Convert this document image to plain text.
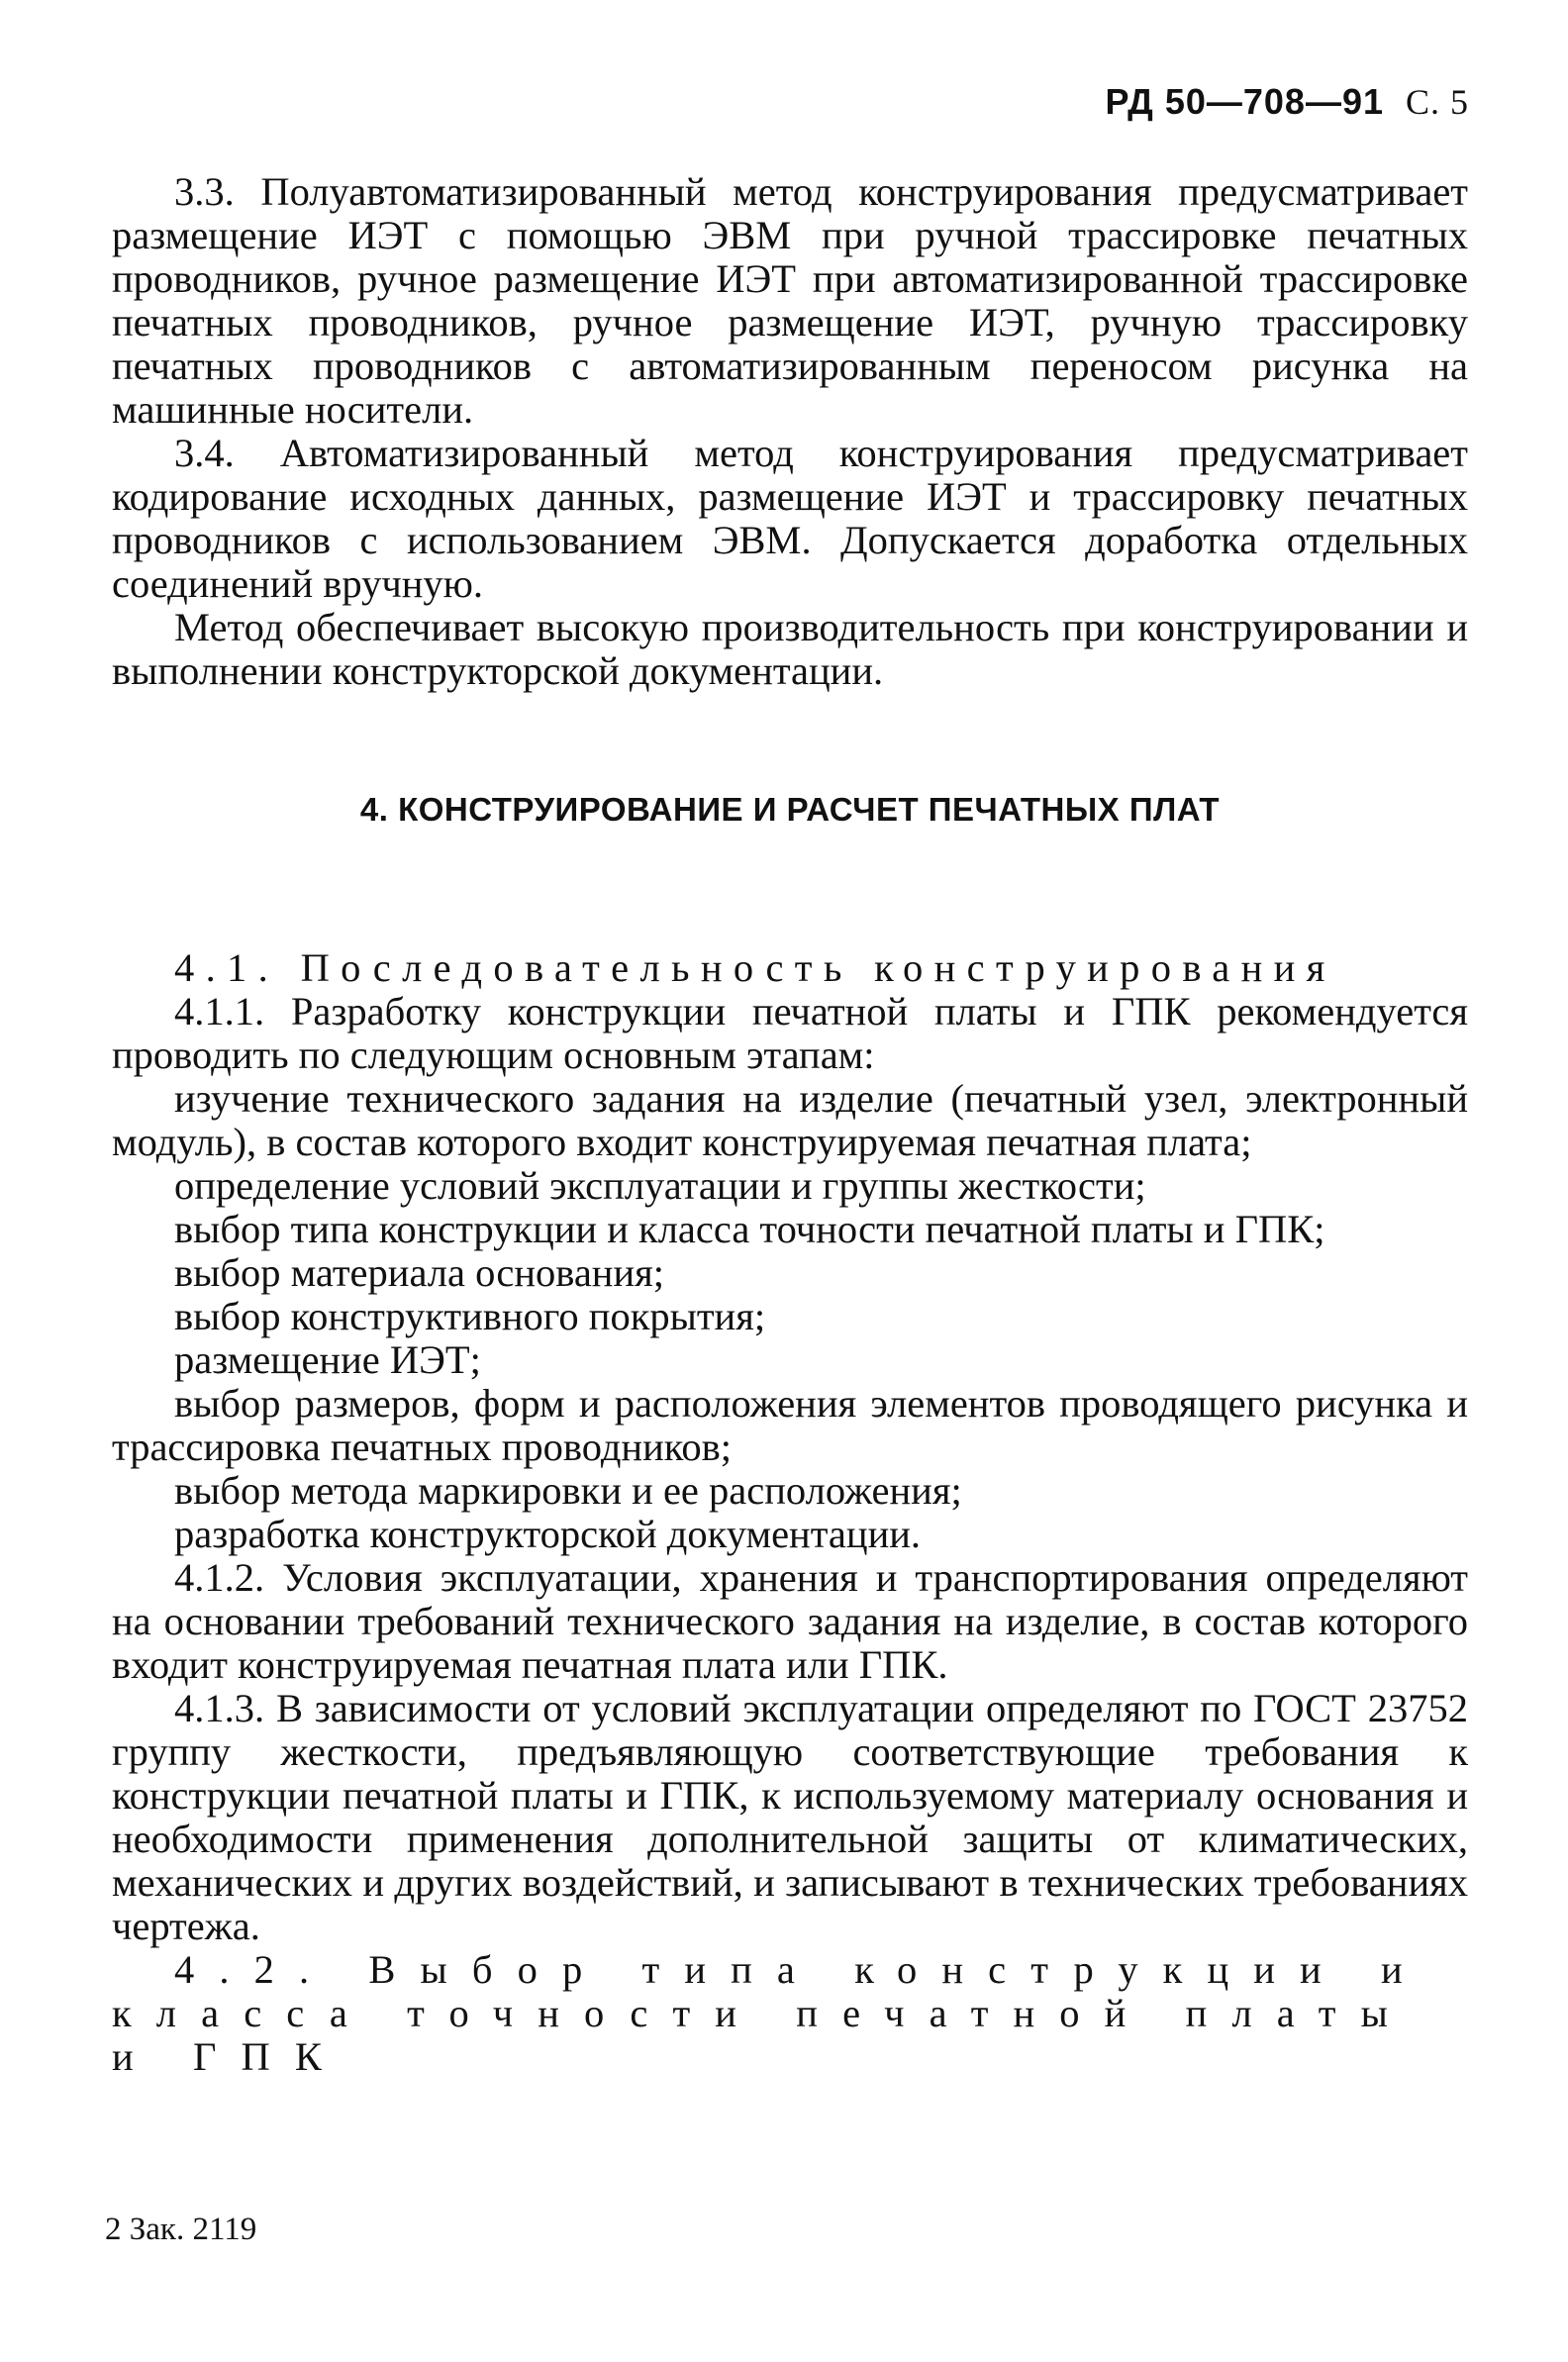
РД 50—708—91 С. 5

3.3. Полуавтоматизированный метод конструирования предусматривает размещение ИЭТ с помощью ЭВМ при ручной трассировке печатных проводников, ручное размещение ИЭТ при автоматизированной трассировке печатных проводников, ручное размещение ИЭТ, ручную трассировку печатных проводников с автоматизированным переносом рисунка на машинные носители.

3.4. Автоматизированный метод конструирования предусматривает кодирование исходных данных, размещение ИЭТ и трассировку печатных проводников с использованием ЭВМ. Допускается доработка отдельных соединений вручную.

Метод обеспечивает высокую производительность при конструировании и выполнении конструкторской документации.

4. КОНСТРУИРОВАНИЕ И РАСЧЕТ ПЕЧАТНЫХ ПЛАТ

4.1. Последовательность конструирования

4.1.1. Разработку конструкции печатной платы и ГПК рекомендуется проводить по следующим основным этапам:

изучение технического задания на изделие (печатный узел, электронный модуль), в состав которого входит конструируемая печатная плата;

определение условий эксплуатации и группы жесткости;

выбор типа конструкции и класса точности печатной платы и ГПК;

выбор материала основания;

выбор конструктивного покрытия;

размещение ИЭТ;

выбор размеров, форм и расположения элементов проводящего рисунка и трассировка печатных проводников;

выбор метода маркировки и ее расположения;

разработка конструкторской документации.

4.1.2. Условия эксплуатации, хранения и транспортирования определяют на основании требований технического задания на изделие, в состав которого входит конструируемая печатная плата или ГПК.

4.1.3. В зависимости от условий эксплуатации определяют по ГОСТ 23752 группу жесткости, предъявляющую соответствующие требования к конструкции печатной платы и ГПК, к используемому материалу основания и необходимости применения дополнительной защиты от климатических, механических и других воздействий, и записывают в технических требованиях чертежа.

4.2. Выбор типа конструкции и класса точности печатной платы и ГПК

2 Зак. 2119
